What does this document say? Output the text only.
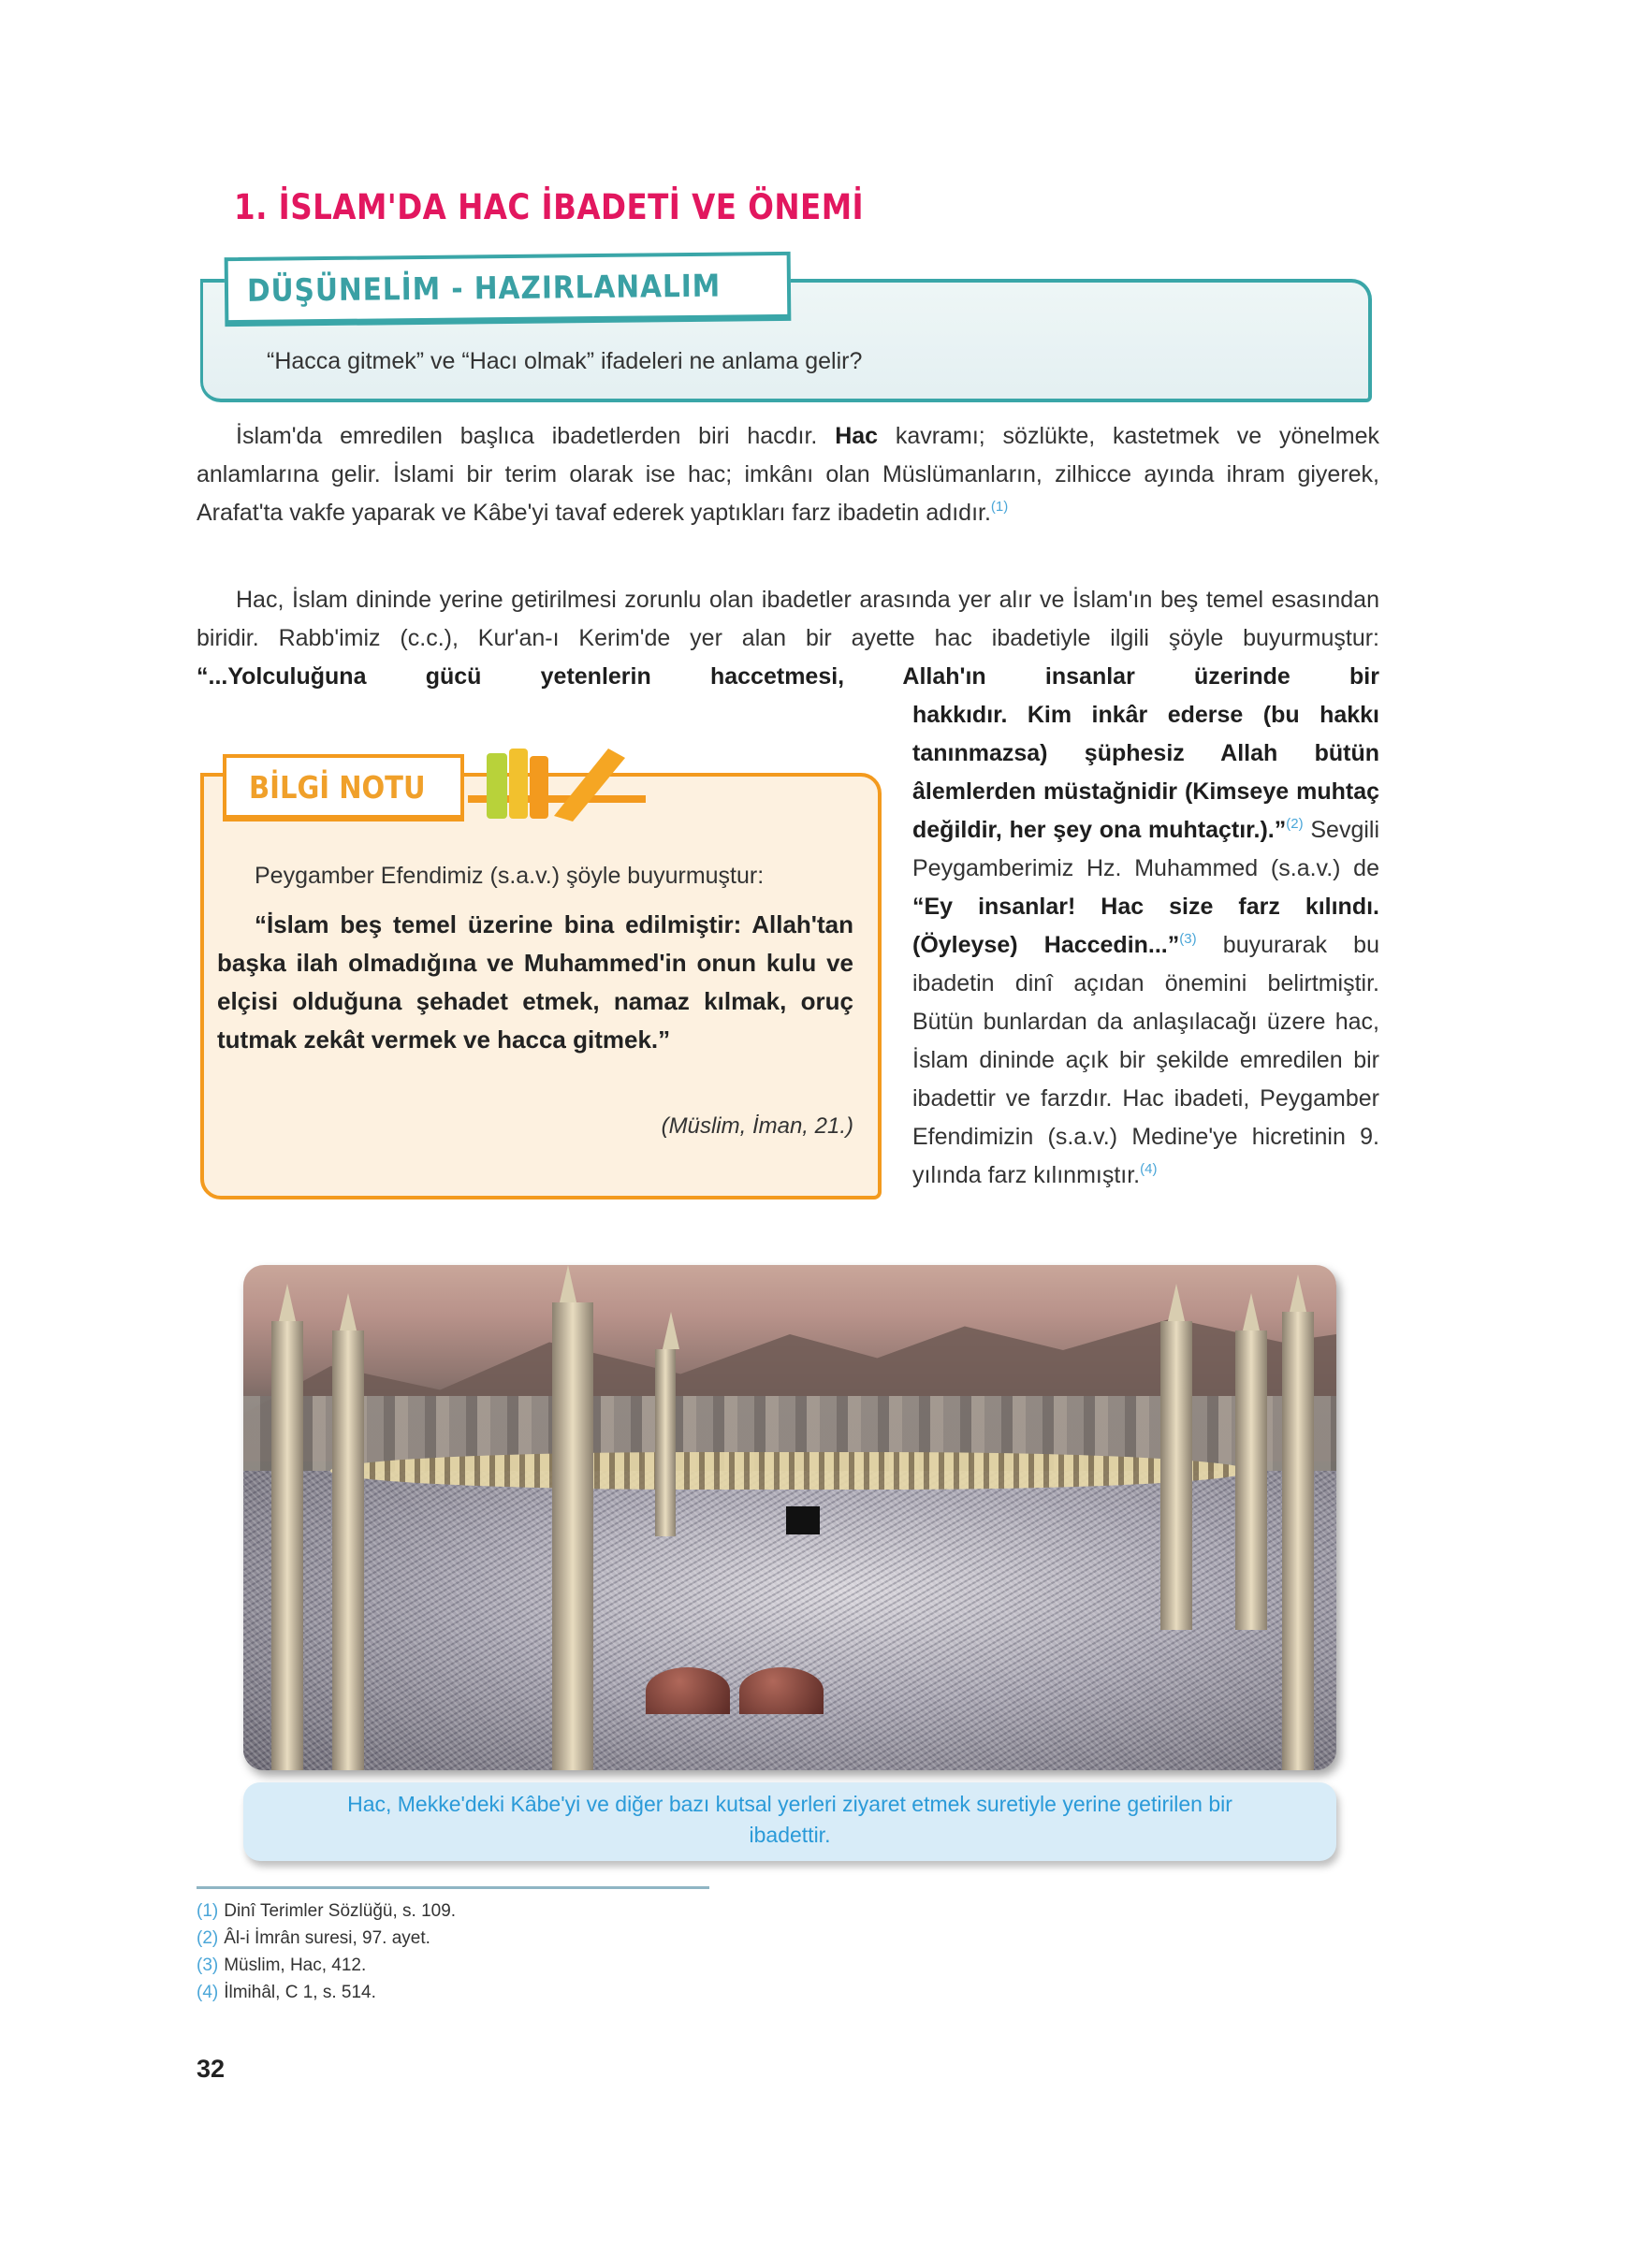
1. İSLAM'DA HAC İBADETİ VE ÖNEMİ
DÜŞÜNELİM - HAZIRLANALIM
“Hacca gitmek” ve “Hacı olmak” ifadeleri ne anlama gelir?
İslam'da emredilen başlıca ibadetlerden biri hacdır. Hac kavramı; sözlükte, kastetmek ve yönelmek anlamlarına gelir. İslami bir terim olarak ise hac; imkânı olan Müslümanların, zilhicce ayında ihram giyerek, Arafat'ta vakfe yaparak ve Kâbe'yi tavaf ederek yaptıkları farz ibadetin adıdır.$^{(1)}$
Hac, İslam dininde yerine getirilmesi zorunlu olan ibadetler arasında yer alır ve İslam'ın beş temel esasından biridir. Rabb'imiz (c.c.), Kur'an-ı Kerim'de yer alan bir ayette hac ibadetiyle ilgili şöyle buyurmuştur: “...Yolculuğuna gücü yetenlerin haccetmesi, Allah'ın insanlar üzerinde bir
hakkıdır. Kim inkâr ederse (bu hakkı tanınmazsa) şüphesiz Allah bütün âlemlerden müstağnidir (Kimseye muhtaç değildir, her şey ona muhtaçtır.).”$^{(2)}$ Sevgili Peygamberimiz Hz. Muhammed (s.a.v.) de “Ey insanlar! Hac size farz kılındı. (Öyleyse) Haccedin...”$^{(3)}$ buyurarak bu ibadetin dinî açıdan önemini belirtmiştir. Bütün bunlardan da anlaşılacağı üzere hac, İslam dininde açık bir şekilde emredilen bir ibadettir ve farzdır. Hac ibadeti, Peygamber Efendimizin (s.a.v.) Medine'ye hicretinin 9. yılında farz kılınmıştır.$^{(4)}$
BİLGİ NOTU
Peygamber Efendimiz (s.a.v.) şöyle buyurmuştur:
“İslam beş temel üzerine bina edilmiştir: Allah'tan başka ilah olmadığına ve Muhammed'in onun kulu ve elçisi olduğuna şehadet etmek, namaz kılmak, oruç tutmak zekât vermek ve hacca gitmek.”
(Müslim, İman, 21.)
Hac, Mekke'deki Kâbe'yi ve diğer bazı kutsal yerleri ziyaret etmek suretiyle yerine getirilen bir ibadettir.
(1) Dinî Terimler Sözlüğü, s. 109.
(2) Âl-i İmrân suresi, 97. ayet.
(3) Müslim, Hac, 412.
(4) İlmihâl, C 1, s. 514.
32
